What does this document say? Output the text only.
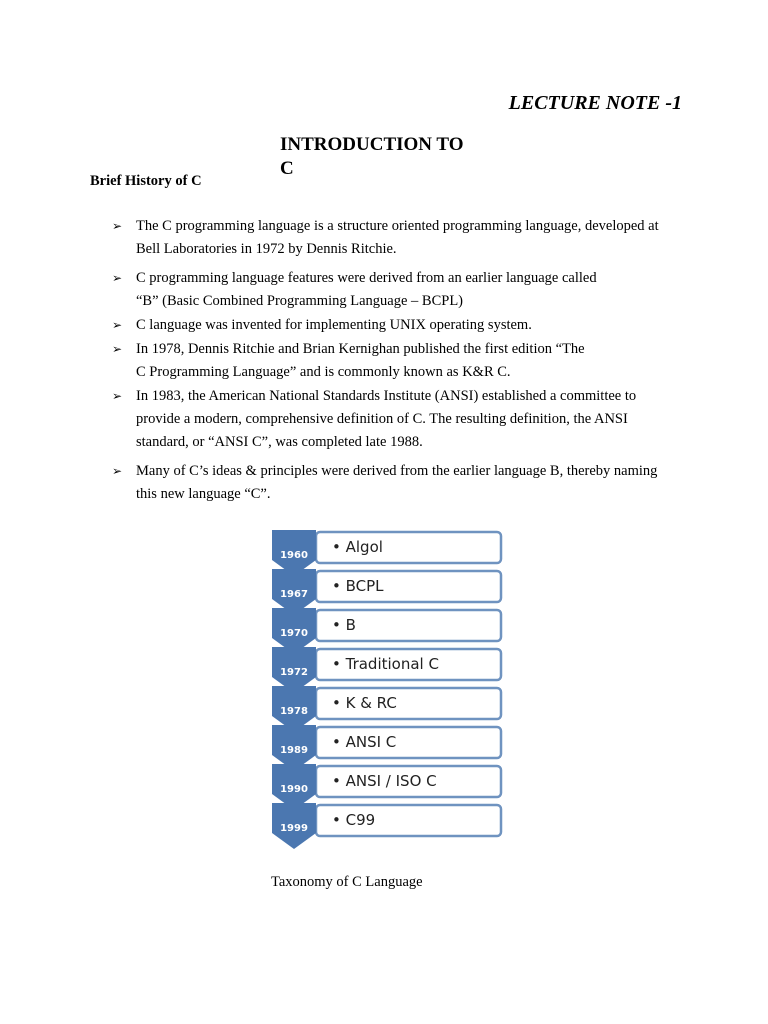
LECTURE NOTE -1
INTRODUCTION TO
C
Brief History of C
➢ The C programming language is a structure oriented programming language, developed at
Bell Laboratories in 1972 by Dennis Ritchie.
➢ C programming language features were derived from an earlier language called
“B” (Basic Combined Programming Language – BCPL)
➢ C language was invented for implementing UNIX operating system.
➢ In 1978, Dennis Ritchie and Brian Kernighan published the first edition “The
C Programming Language” and is commonly known as K&R C.
➢ In 1983, the American National Standards Institute (ANSI) established a committee to
provide a modern, comprehensive definition of C. The resulting definition, the ANSI
standard, or “ANSI C”, was completed late 1988.
➢ Many of C’s ideas & principles were derived from the earlier language B, thereby naming
this new language “C”.
1960 • Algol
1967 • BCPL
1970 • B
1972 • Traditional C
1978 • K & RC
1989 • ANSI C
1990 • ANSI / ISO C
1999 • C99
Taxonomy of C Language
